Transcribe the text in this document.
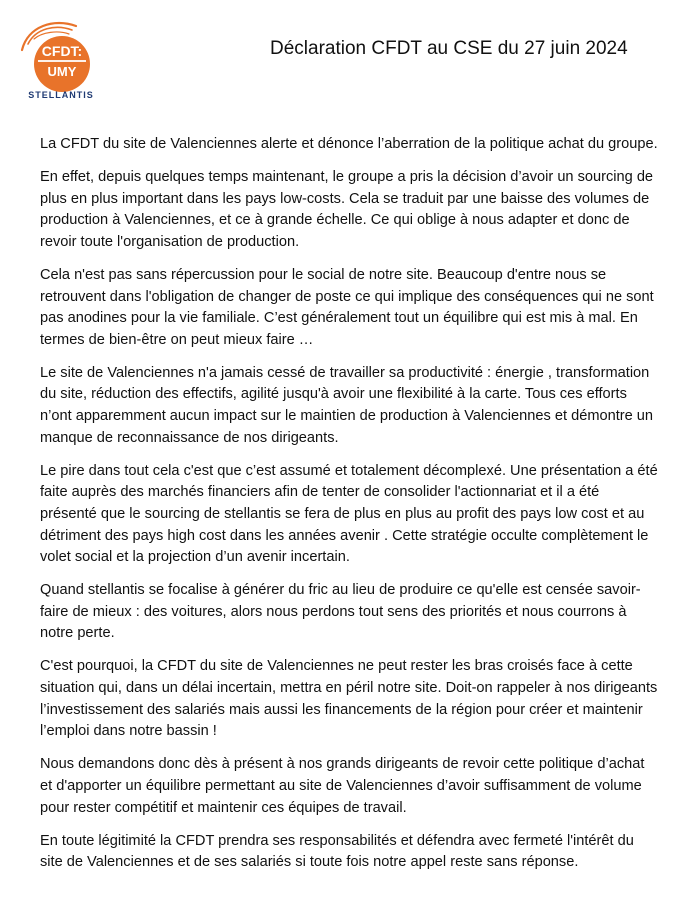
CFDT:
UMY
STELLANTIS
Déclaration CFDT au CSE du 27 juin 2024

La CFDT du site de Valenciennes alerte et dénonce l’aberration de la politique achat du groupe.

En effet, depuis quelques temps maintenant, le groupe a pris la décision d’avoir un sourcing de plus en plus important dans les pays low-costs. Cela se traduit par une baisse des volumes de production à Valenciennes, et ce à grande échelle. Ce qui oblige à nous adapter et donc de revoir toute l'organisation de production.

Cela n'est pas sans répercussion pour le social de notre site. Beaucoup d'entre nous se retrouvent dans l'obligation de changer de poste ce qui implique des conséquences qui ne sont pas anodines pour la vie familiale. C’est généralement tout un équilibre qui est mis à mal. En termes de bien-être on peut mieux faire …

Le site de Valenciennes n'a jamais cessé de travailler sa productivité : énergie , transformation du site, réduction des effectifs, agilité jusqu'à avoir une flexibilité à la carte. Tous ces efforts n’ont apparemment aucun impact sur le maintien de production à Valenciennes et démontre un manque de reconnaissance de nos dirigeants.

Le pire dans tout cela c'est que c’est assumé et totalement décomplexé. Une présentation a été faite auprès des marchés financiers afin de tenter de consolider l'actionnariat et il a été présenté que le sourcing de stellantis se fera de plus en plus au profit des pays low cost et au détriment des pays high cost dans les années avenir . Cette stratégie occulte complètement le volet social et la projection d’un avenir incertain.

Quand stellantis se focalise à générer du fric au lieu de produire ce qu'elle est censée savoir-faire de mieux : des voitures, alors nous perdons tout sens des priorités et nous courrons à notre perte.

C'est pourquoi, la CFDT du site de Valenciennes ne peut rester les bras croisés face à cette situation qui, dans un délai incertain, mettra en péril notre site. Doit-on rappeler à nos dirigeants l’investissement des salariés mais aussi les financements de la région pour créer et maintenir l’emploi dans notre bassin !

Nous demandons donc dès à présent à nos grands dirigeants de revoir cette politique d’achat et d'apporter un équilibre permettant au site de Valenciennes d’avoir suffisamment de volume pour rester compétitif et maintenir ces équipes de travail.

En toute légitimité la CFDT prendra ses responsabilités et défendra avec fermeté l'intérêt du site de Valenciennes et de ses salariés si toute fois notre appel reste sans réponse.
